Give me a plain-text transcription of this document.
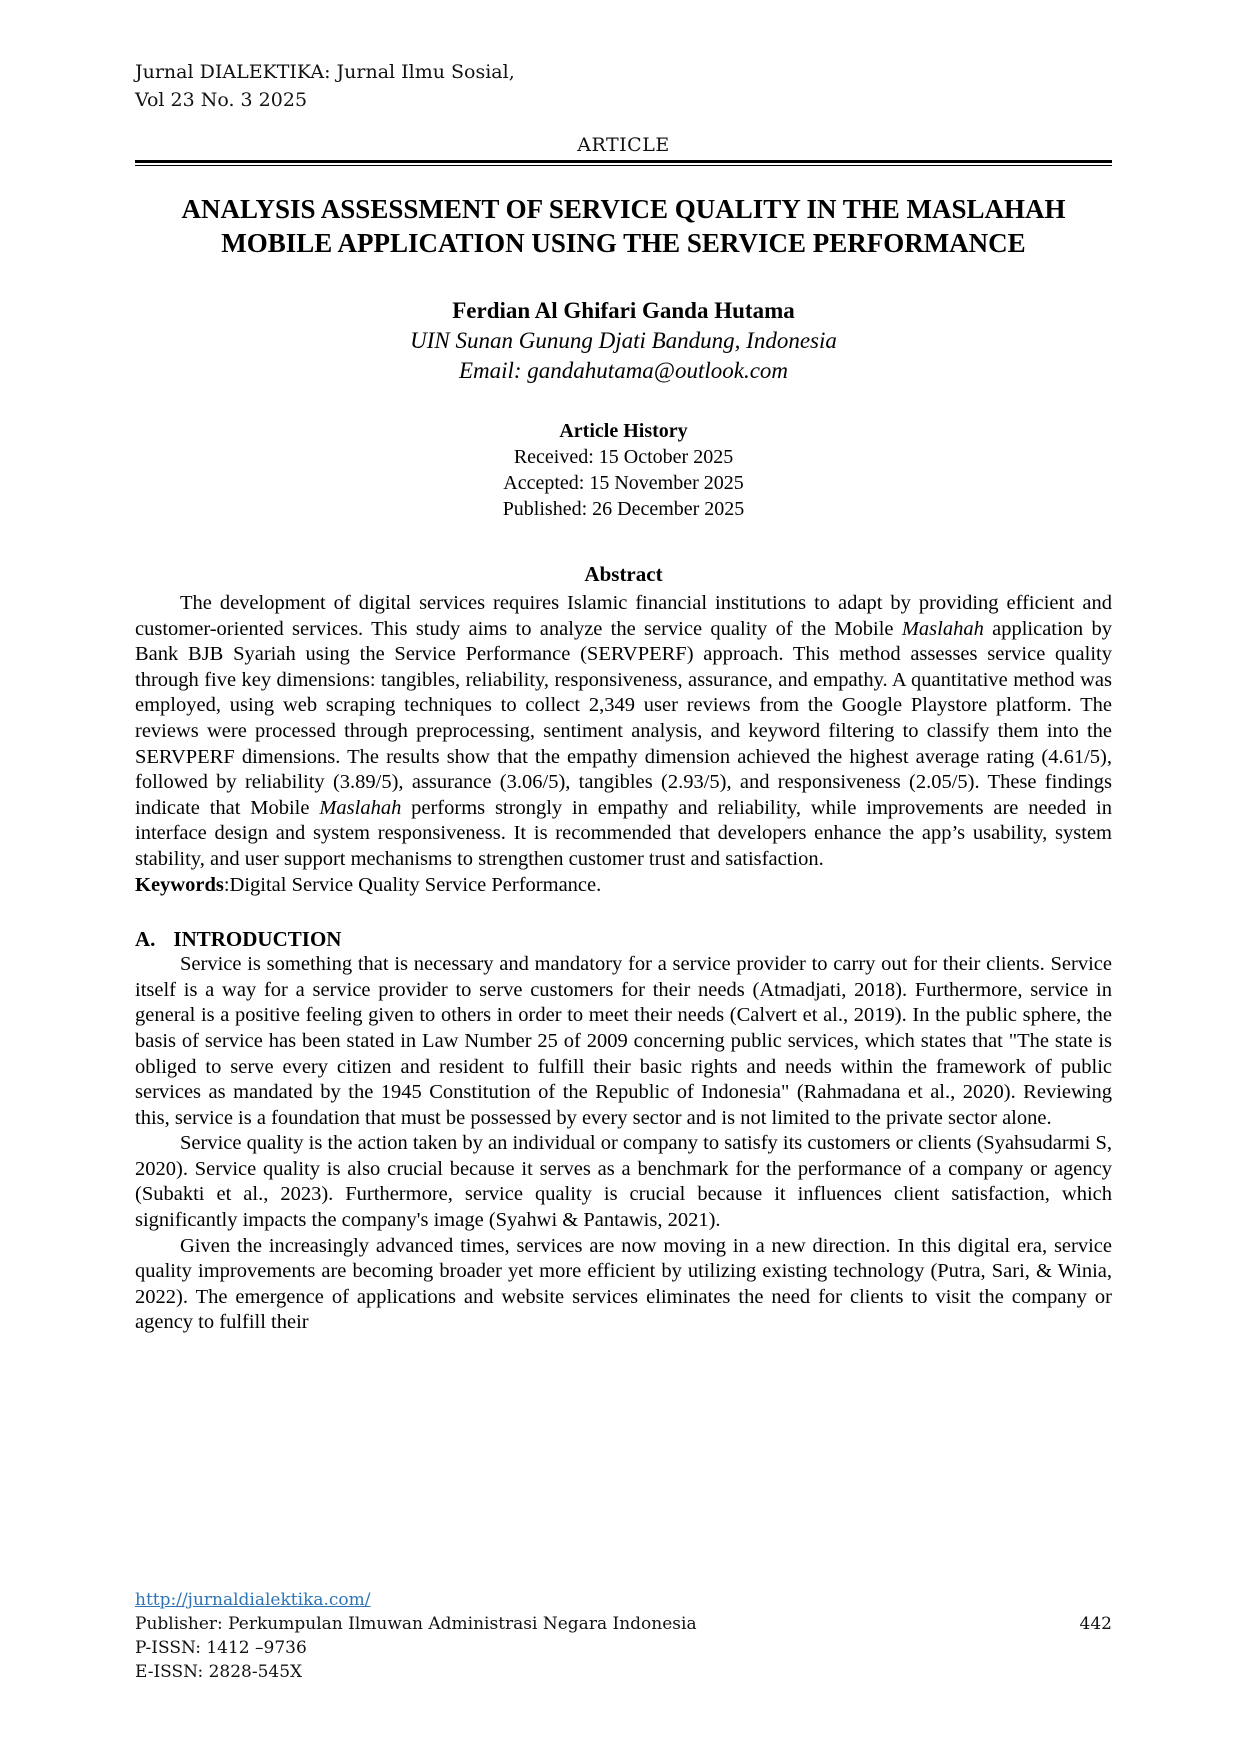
Jurnal DIALEKTIKA: Jurnal Ilmu Sosial,
Vol 23 No. 3 2025
ARTICLE
ANALYSIS ASSESSMENT OF SERVICE QUALITY IN THE MASLAHAH MOBILE APPLICATION USING THE SERVICE PERFORMANCE
Ferdian Al Ghifari Ganda Hutama
UIN Sunan Gunung Djati Bandung, Indonesia
Email: gandahutama@outlook.com
Article History
Received: 15 October 2025
Accepted: 15 November 2025
Published: 26 December 2025
Abstract
The development of digital services requires Islamic financial institutions to adapt by providing efficient and customer-oriented services. This study aims to analyze the service quality of the Mobile Maslahah application by Bank BJB Syariah using the Service Performance (SERVPERF) approach. This method assesses service quality through five key dimensions: tangibles, reliability, responsiveness, assurance, and empathy. A quantitative method was employed, using web scraping techniques to collect 2,349 user reviews from the Google Playstore platform. The reviews were processed through preprocessing, sentiment analysis, and keyword filtering to classify them into the SERVPERF dimensions. The results show that the empathy dimension achieved the highest average rating (4.61/5), followed by reliability (3.89/5), assurance (3.06/5), tangibles (2.93/5), and responsiveness (2.05/5). These findings indicate that Mobile Maslahah performs strongly in empathy and reliability, while improvements are needed in interface design and system responsiveness. It is recommended that developers enhance the app’s usability, system stability, and user support mechanisms to strengthen customer trust and satisfaction.
Keywords:Digital Service Quality Service Performance.
A. INTRODUCTION
Service is something that is necessary and mandatory for a service provider to carry out for their clients. Service itself is a way for a service provider to serve customers for their needs (Atmadjati, 2018). Furthermore, service in general is a positive feeling given to others in order to meet their needs (Calvert et al., 2019). In the public sphere, the basis of service has been stated in Law Number 25 of 2009 concerning public services, which states that "The state is obliged to serve every citizen and resident to fulfill their basic rights and needs within the framework of public services as mandated by the 1945 Constitution of the Republic of Indonesia" (Rahmadana et al., 2020). Reviewing this, service is a foundation that must be possessed by every sector and is not limited to the private sector alone.
Service quality is the action taken by an individual or company to satisfy its customers or clients (Syahsudarmi S, 2020). Service quality is also crucial because it serves as a benchmark for the performance of a company or agency (Subakti et al., 2023). Furthermore, service quality is crucial because it influences client satisfaction, which significantly impacts the company's image (Syahwi & Pantawis, 2021).
Given the increasingly advanced times, services are now moving in a new direction. In this digital era, service quality improvements are becoming broader yet more efficient by utilizing existing technology (Putra, Sari, & Winia, 2022). The emergence of applications and website services eliminates the need for clients to visit the company or agency to fulfill their
http://jurnaldialektika.com/
Publisher: Perkumpulan Ilmuwan Administrasi Negara Indonesia	442
P-ISSN: 1412 –9736
E-ISSN: 2828-545X
